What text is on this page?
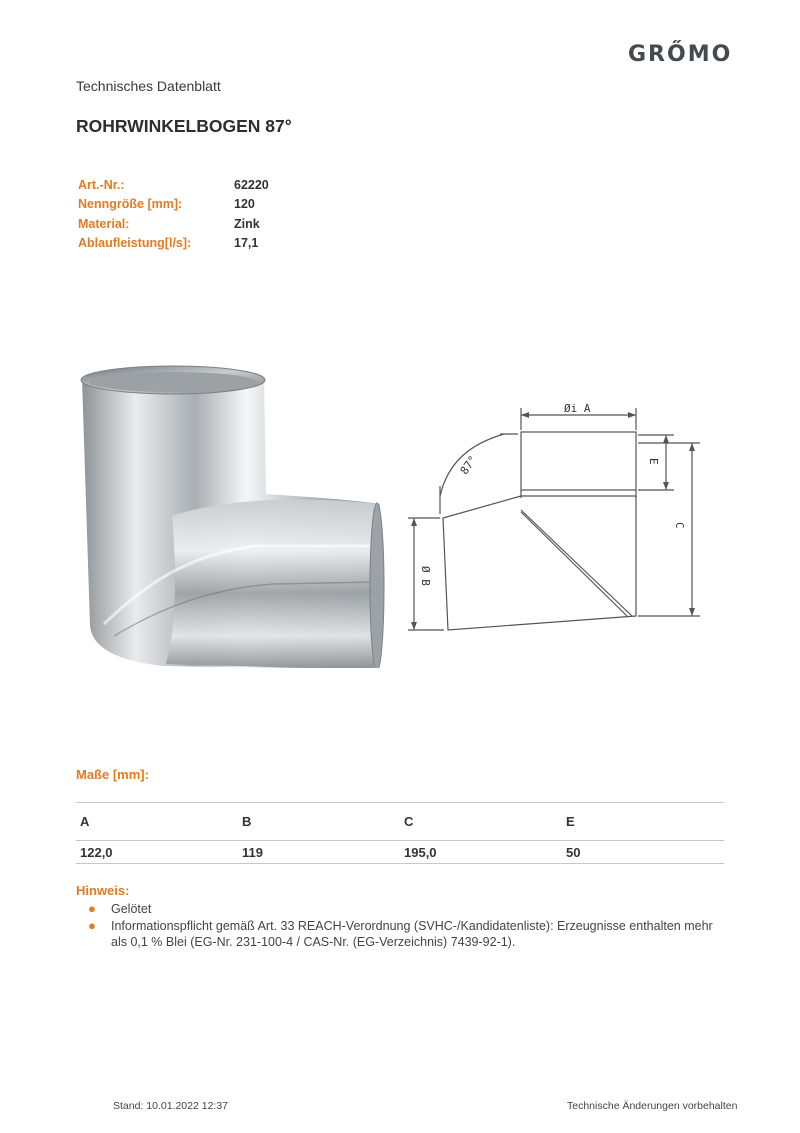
GRŐMO
Technisches Datenblatt
ROHRWINKELBOGEN 87°
Art.-Nr.:	62220
Nenngröße [mm]:	120
Material:	Zink
Ablaufleistung[l/s]:	17,1
Øi A
E
C
Ø B
87°
Maße [mm]:
A	B	C	E
122,0	119	195,0	50
Hinweis:
●	Gelötet
●	Informationspflicht gemäß Art. 33 REACH-Verordnung (SVHC-/Kandidatenliste): Erzeugnisse enthalten mehr als 0,1 % Blei (EG-Nr. 231-100-4 / CAS-Nr. (EG-Verzeichnis) 7439-92-1).
Stand: 10.01.2022 12:37	Technische Änderungen vorbehalten
